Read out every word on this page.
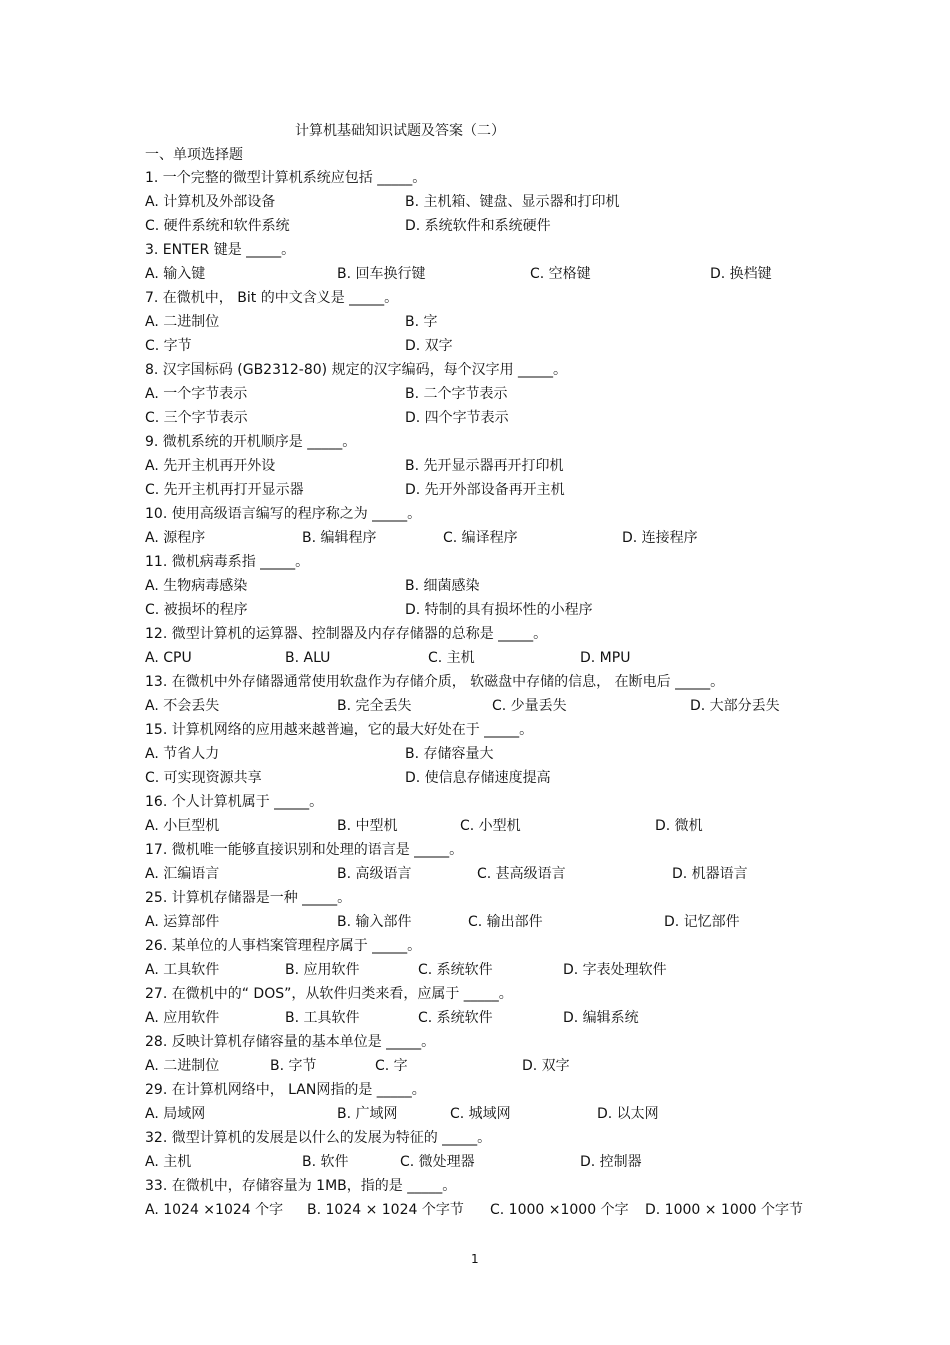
计算机基础知识试题及答案（二）
一、单项选择题
1. 一个完整的微型计算机系统应包括 _____。
A. 计算机及外部设备	B. 主机箱、键盘、显示器和打印机
C. 硬件系统和软件系统	D. 系统软件和系统硬件
3. ENTER 键是 _____。
A. 输入键	B. 回车换行键	C. 空格键	D. 换档键
7. 在微机中， Bit 的中文含义是 _____。
A. 二进制位	B. 字
C. 字节	D. 双字
8. 汉字国标码 (GB2312-80) 规定的汉字编码，每个汉字用 _____。
A. 一个字节表示	B. 二个字节表示
C. 三个字节表示	D. 四个字节表示
9. 微机系统的开机顺序是 _____。
A. 先开主机再开外设	B. 先开显示器再开打印机
C. 先开主机再打开显示器	D. 先开外部设备再开主机
10. 使用高级语言编写的程序称之为 _____。
A. 源程序	B. 编辑程序	C. 编译程序	D. 连接程序
11. 微机病毒系指 _____。
A. 生物病毒感染	B. 细菌感染
C. 被损坏的程序	D. 特制的具有损坏性的小程序
12. 微型计算机的运算器、控制器及内存存储器的总称是 _____。
A. CPU	B. ALU	C. 主机	D. MPU
13. 在微机中外存储器通常使用软盘作为存储介质， 软磁盘中存储的信息， 在断电后 _____。
A. 不会丢失	B. 完全丢失	C. 少量丢失	D. 大部分丢失
15. 计算机网络的应用越来越普遍，它的最大好处在于 _____。
A. 节省人力	B. 存储容量大
C. 可实现资源共享	D. 使信息存储速度提高
16. 个人计算机属于 _____。
A. 小巨型机	B. 中型机	C. 小型机	D. 微机
17. 微机唯一能够直接识别和处理的语言是 _____。
A. 汇编语言	B. 高级语言	C. 甚高级语言	D. 机器语言
25. 计算机存储器是一种 _____。
A. 运算部件	B. 输入部件	C. 输出部件	D. 记忆部件
26. 某单位的人事档案管理程序属于 _____。
A. 工具软件	B. 应用软件	C. 系统软件	D. 字表处理软件
27. 在微机中的“ DOS”，从软件归类来看，应属于 _____。
A. 应用软件	B. 工具软件	C. 系统软件	D. 编辑系统
28. 反映计算机存储容量的基本单位是 _____。
A. 二进制位	B. 字节	C. 字	D. 双字
29. 在计算机网络中， LAN网指的是 _____。
A. 局域网	B. 广域网	C. 城域网	D. 以太网
32. 微型计算机的发展是以什么的发展为特征的 _____。
A. 主机	B. 软件	C. 微处理器	D. 控制器
33. 在微机中，存储容量为 1MB，指的是 _____。
A. 1024 ×1024 个字 B. 1024 × 1024 个字节 C. 1000 ×1000 个字 D. 1000 × 1000 个字节
1
